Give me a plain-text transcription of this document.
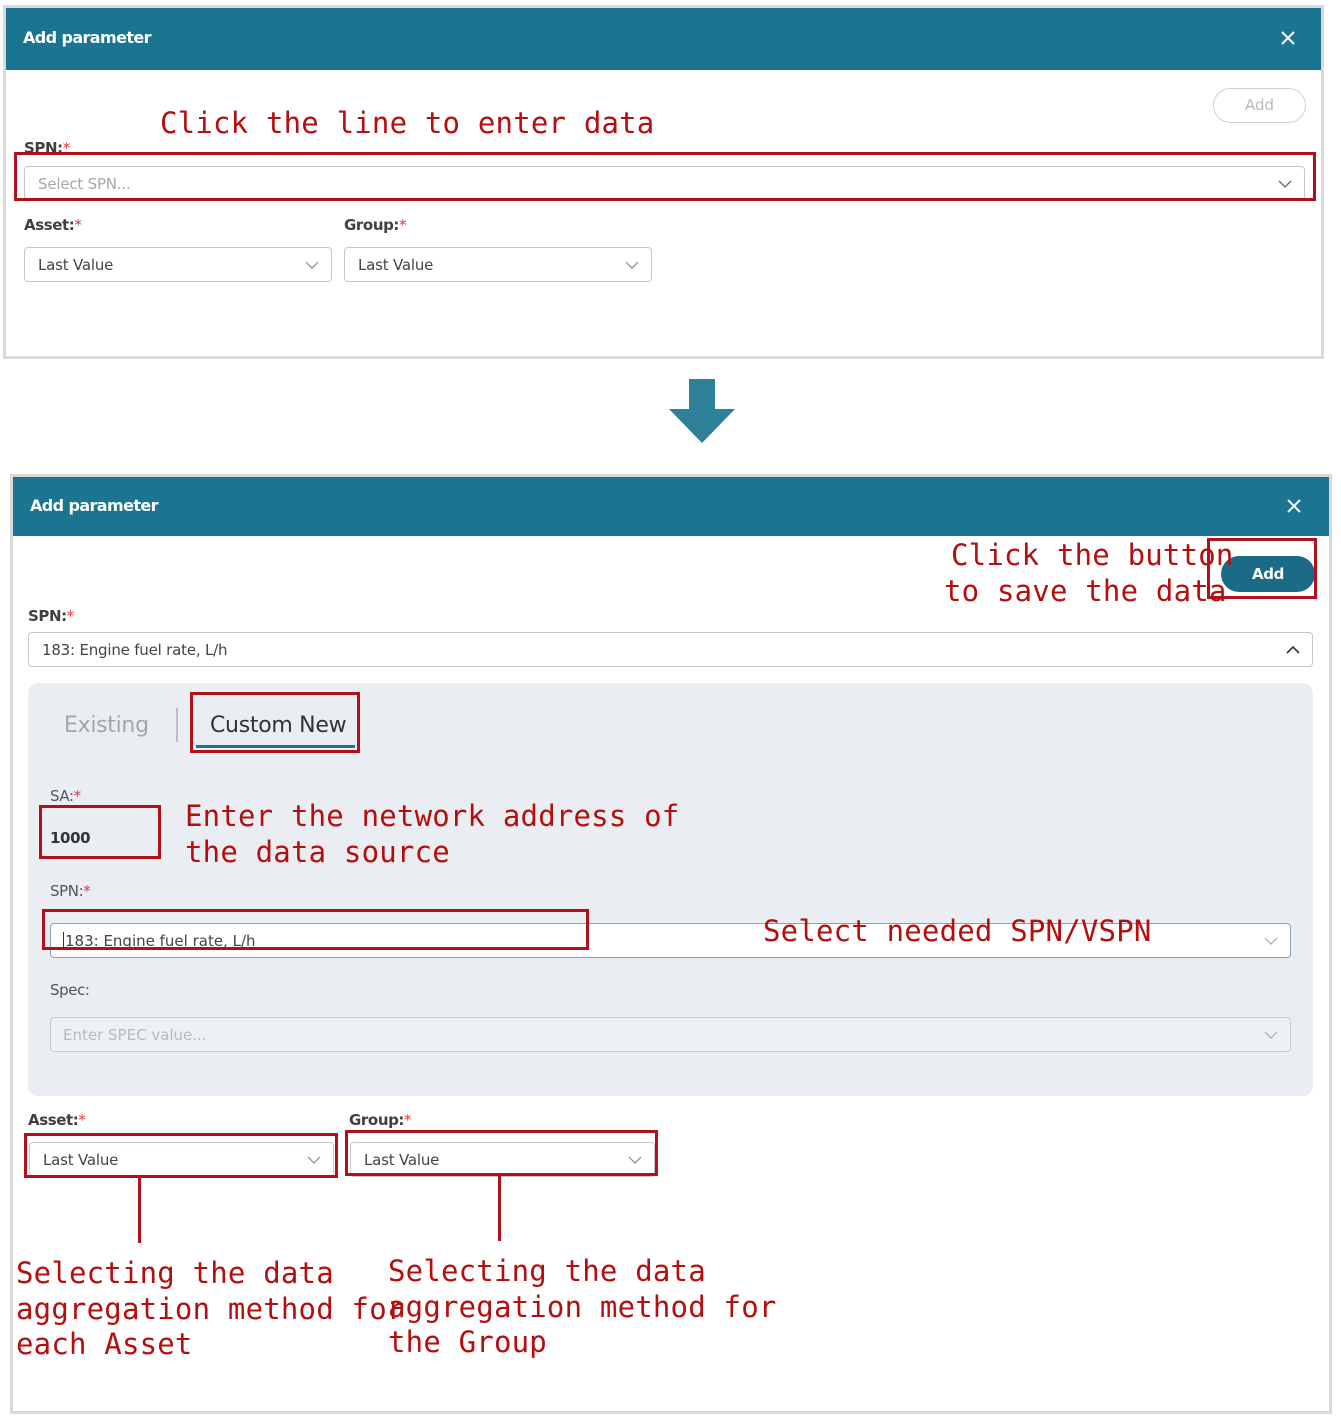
Add parameter
Add
SPN:*
Select SPN...
Asset:*
Last Value
Group:*
Last Value
Click the line to enter data
Add parameter
Add
SPN:*
183: Engine fuel rate, L/h
Existing	Custom New
SA:*
1000
SPN:*
183: Engine fuel rate, L/h
Spec:
Enter SPEC value...
Asset:*
Last Value
Group:*
Last Value
Click the button
to save the data
Enter the network address of
the data source
Select needed SPN/VSPN
Selecting the data
aggregation method for
each Asset
Selecting the data
aggregation method for
the Group
